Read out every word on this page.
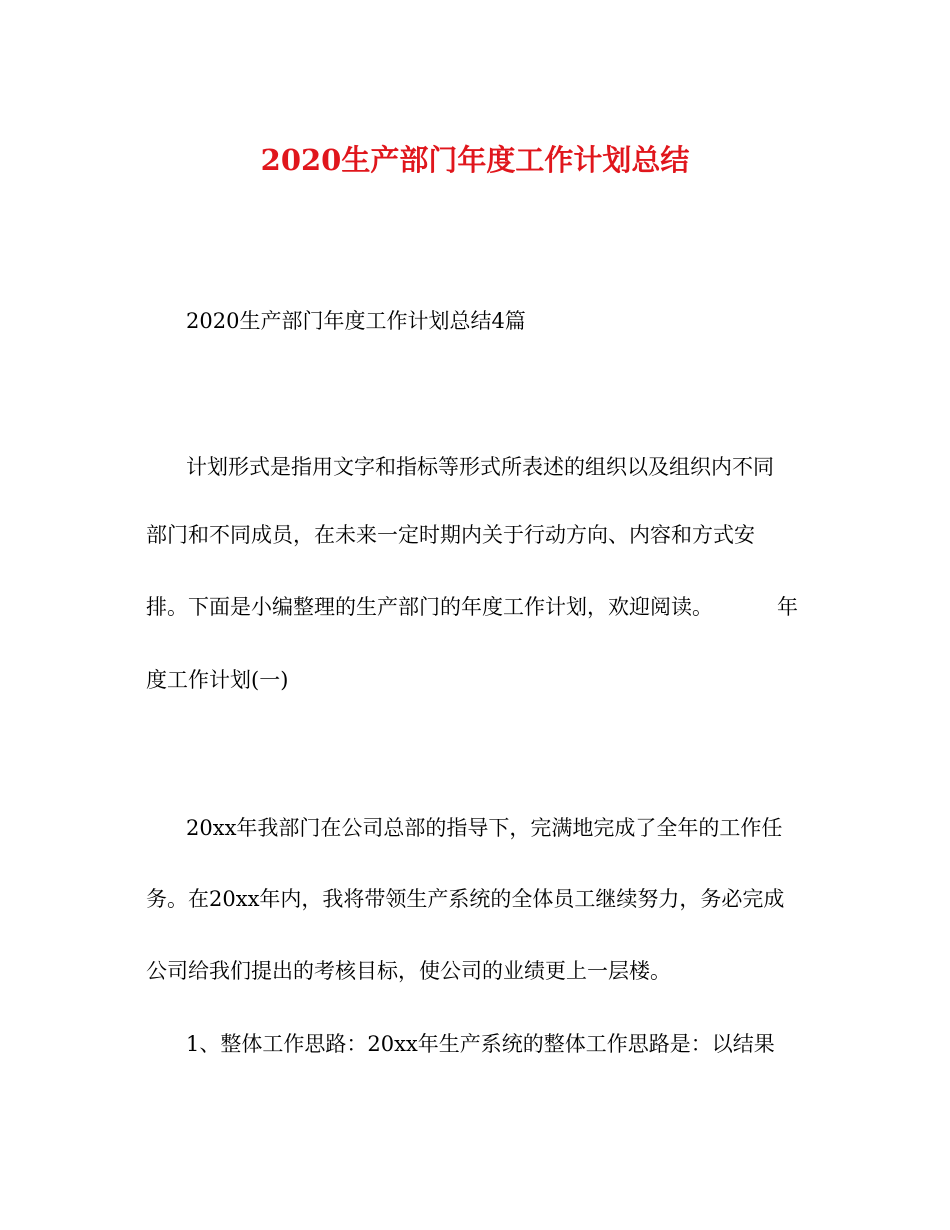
2020生产部门年度工作计划总结
2020生产部门年度工作计划总结4篇
计划形式是指用文字和指标等形式所表述的组织以及组织内不同
部门和不同成员，在未来一定时期内关于行动方向、内容和方式安
排。下面是小编整理的生产部门的年度工作计划，欢迎阅读。	年
度工作计划(一)
20xx年我部门在公司总部的指导下，完满地完成了全年的工作任
务。在20xx年内，我将带领生产系统的全体员工继续努力，务必完成
公司给我们提出的考核目标，使公司的业绩更上一层楼。
1、整体工作思路：20xx年生产系统的整体工作思路是：以结果
